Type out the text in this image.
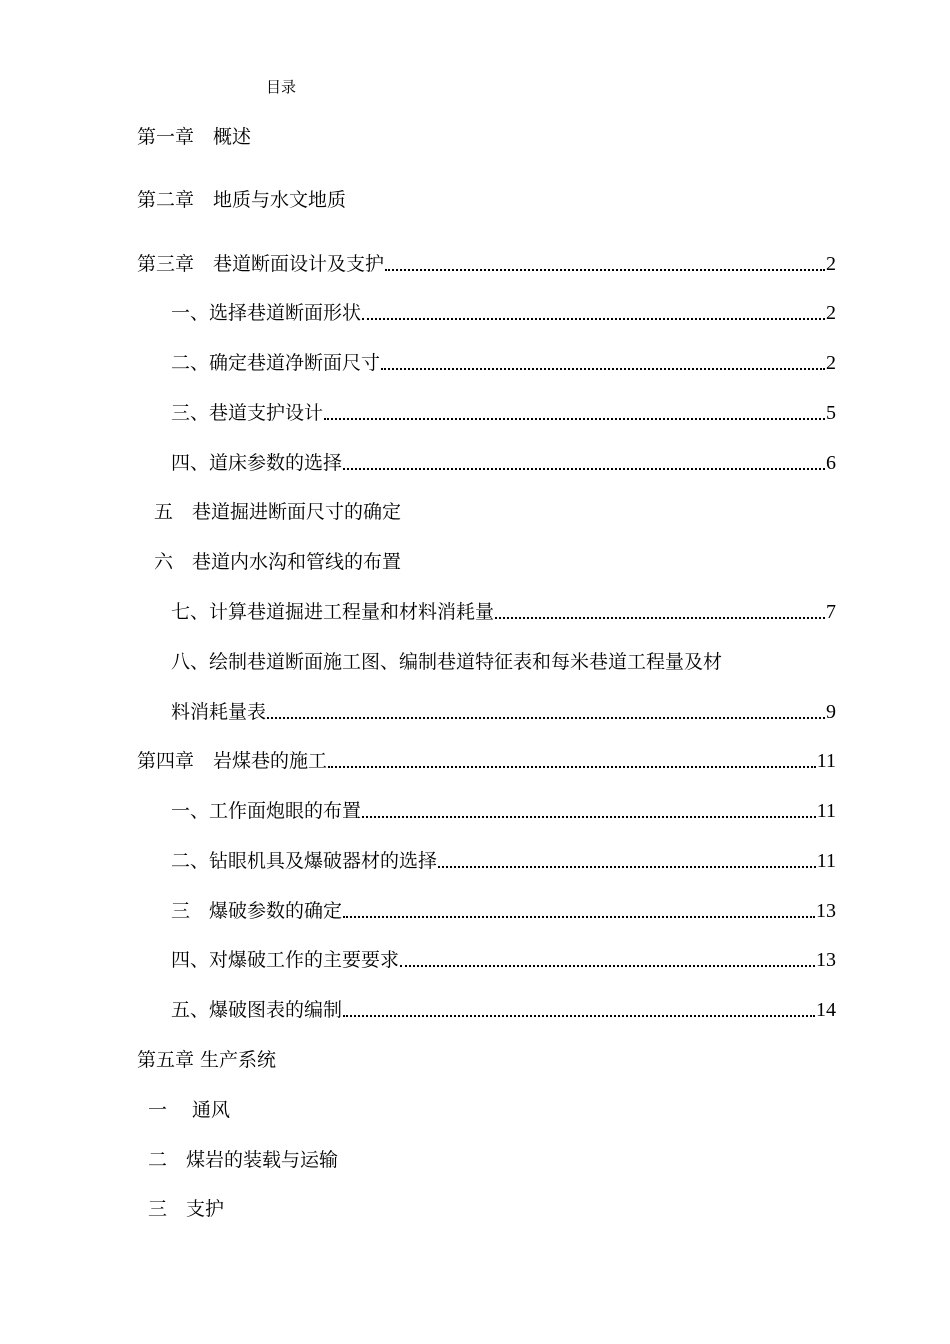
目录
第一章　概述
第二章　地质与水文地质
第三章　巷道断面设计及支护	2
一、选择巷道断面形状	2
二、确定巷道净断面尺寸	2
三、巷道支护设计	5
四、道床参数的选择	6
五　巷道掘进断面尺寸的确定
六　巷道内水沟和管线的布置
七、计算巷道掘进工程量和材料消耗量	7
八、绘制巷道断面施工图、编制巷道特征表和每米巷道工程量及材
料消耗量表	9
第四章　岩煤巷的施工	11
一、工作面炮眼的布置	11
二、钻眼机具及爆破器材的选择	11
三　爆破参数的确定	13
四、对爆破工作的主要要求	13
五、爆破图表的编制	14
第五章 生产系统
一　 通风
二　煤岩的装载与运输
三　支护
